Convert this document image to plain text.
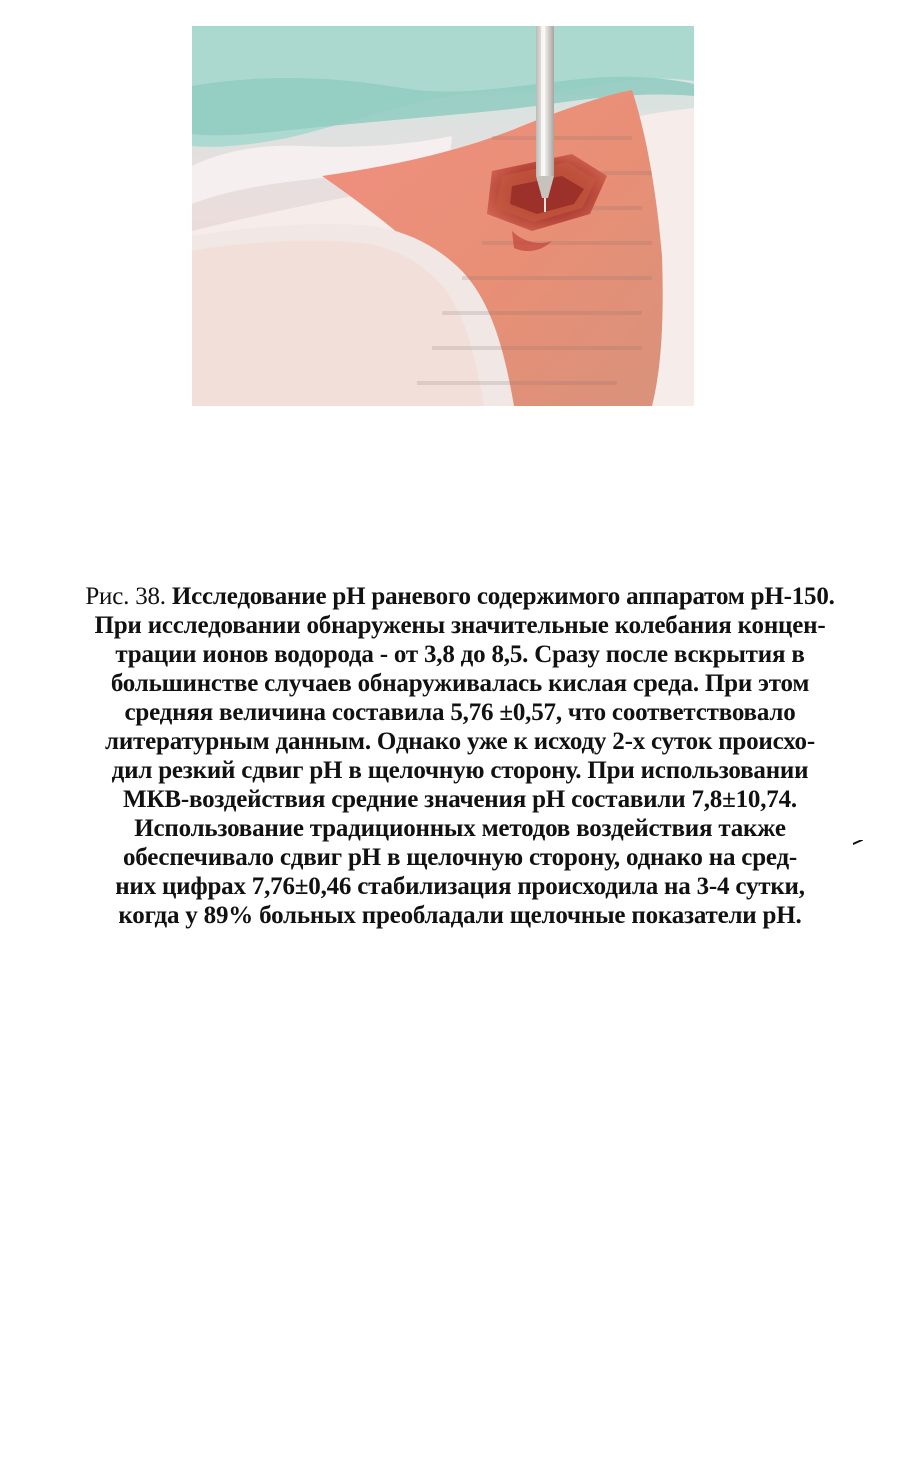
Рис. 38. Исследование pH раневого содержимого аппаратом pH-150.
При исследовании обнаружены значительные колебания концен-
трации ионов водорода - от 3,8 до 8,5. Сразу после вскрытия в
большинстве случаев обнаруживалась кислая среда. При этом
средняя величина составила 5,76 ±0,57, что соответствовало
литературным данным. Однако уже к исходу 2-х суток происхо-
дил резкий сдвиг pH в щелочную сторону. При использовании
МКВ-воздействия средние значения pH составили 7,8±10,74.
Использование традиционных методов воздействия также
обеспечивало сдвиг pH в щелочную сторону, однако на сред-
них цифрах 7,76±0,46 стабилизация происходила на 3-4 сутки,
когда у 89% больных преобладали щелочные показатели pH.
